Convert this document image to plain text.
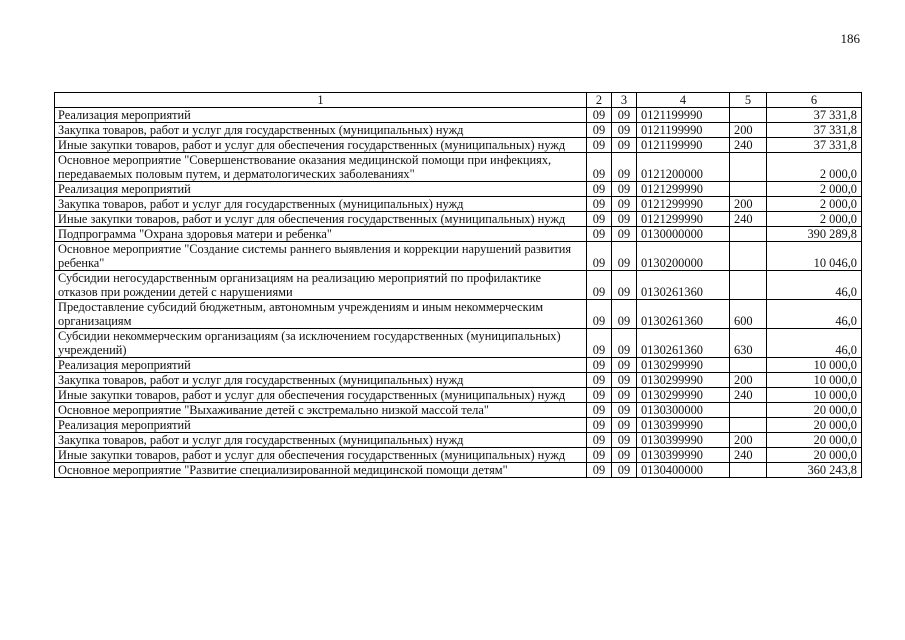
186
1	2	3	4	5	6
Реализация мероприятий	09	09	0121199990		37 331,8
Закупка товаров, работ и услуг для государственных (муниципальных) нужд	09	09	0121199990	200	37 331,8
Иные закупки товаров, работ и услуг для обеспечения государственных (муниципальных) нужд	09	09	0121199990	240	37 331,8
Основное мероприятие "Совершенствование оказания медицинской помощи при инфекциях, передаваемых половым путем, и дерматологических заболеваниях"	09	09	0121200000		2 000,0
Реализация мероприятий	09	09	0121299990		2 000,0
Закупка товаров, работ и услуг для государственных (муниципальных) нужд	09	09	0121299990	200	2 000,0
Иные закупки товаров, работ и услуг для обеспечения государственных (муниципальных) нужд	09	09	0121299990	240	2 000,0
Подпрограмма "Охрана здоровья матери и ребенка"	09	09	0130000000		390 289,8
Основное мероприятие "Создание системы раннего выявления и коррекции нарушений развития ребенка"	09	09	0130200000		10 046,0
Субсидии негосударственным организациям на реализацию мероприятий по профилактике отказов при рождении детей с нарушениями	09	09	0130261360		46,0
Предоставление субсидий бюджетным, автономным учреждениям и иным некоммерческим организациям	09	09	0130261360	600	46,0
Субсидии некоммерческим организациям (за исключением государственных (муниципальных) учреждений)	09	09	0130261360	630	46,0
Реализация мероприятий	09	09	0130299990		10 000,0
Закупка товаров, работ и услуг для государственных (муниципальных) нужд	09	09	0130299990	200	10 000,0
Иные закупки товаров, работ и услуг для обеспечения государственных (муниципальных) нужд	09	09	0130299990	240	10 000,0
Основное мероприятие "Выхаживание детей с экстремально низкой массой тела"	09	09	0130300000		20 000,0
Реализация мероприятий	09	09	0130399990		20 000,0
Закупка товаров, работ и услуг для государственных (муниципальных) нужд	09	09	0130399990	200	20 000,0
Иные закупки товаров, работ и услуг для обеспечения государственных (муниципальных) нужд	09	09	0130399990	240	20 000,0
Основное мероприятие "Развитие специализированной медицинской помощи детям"	09	09	0130400000		360 243,8
